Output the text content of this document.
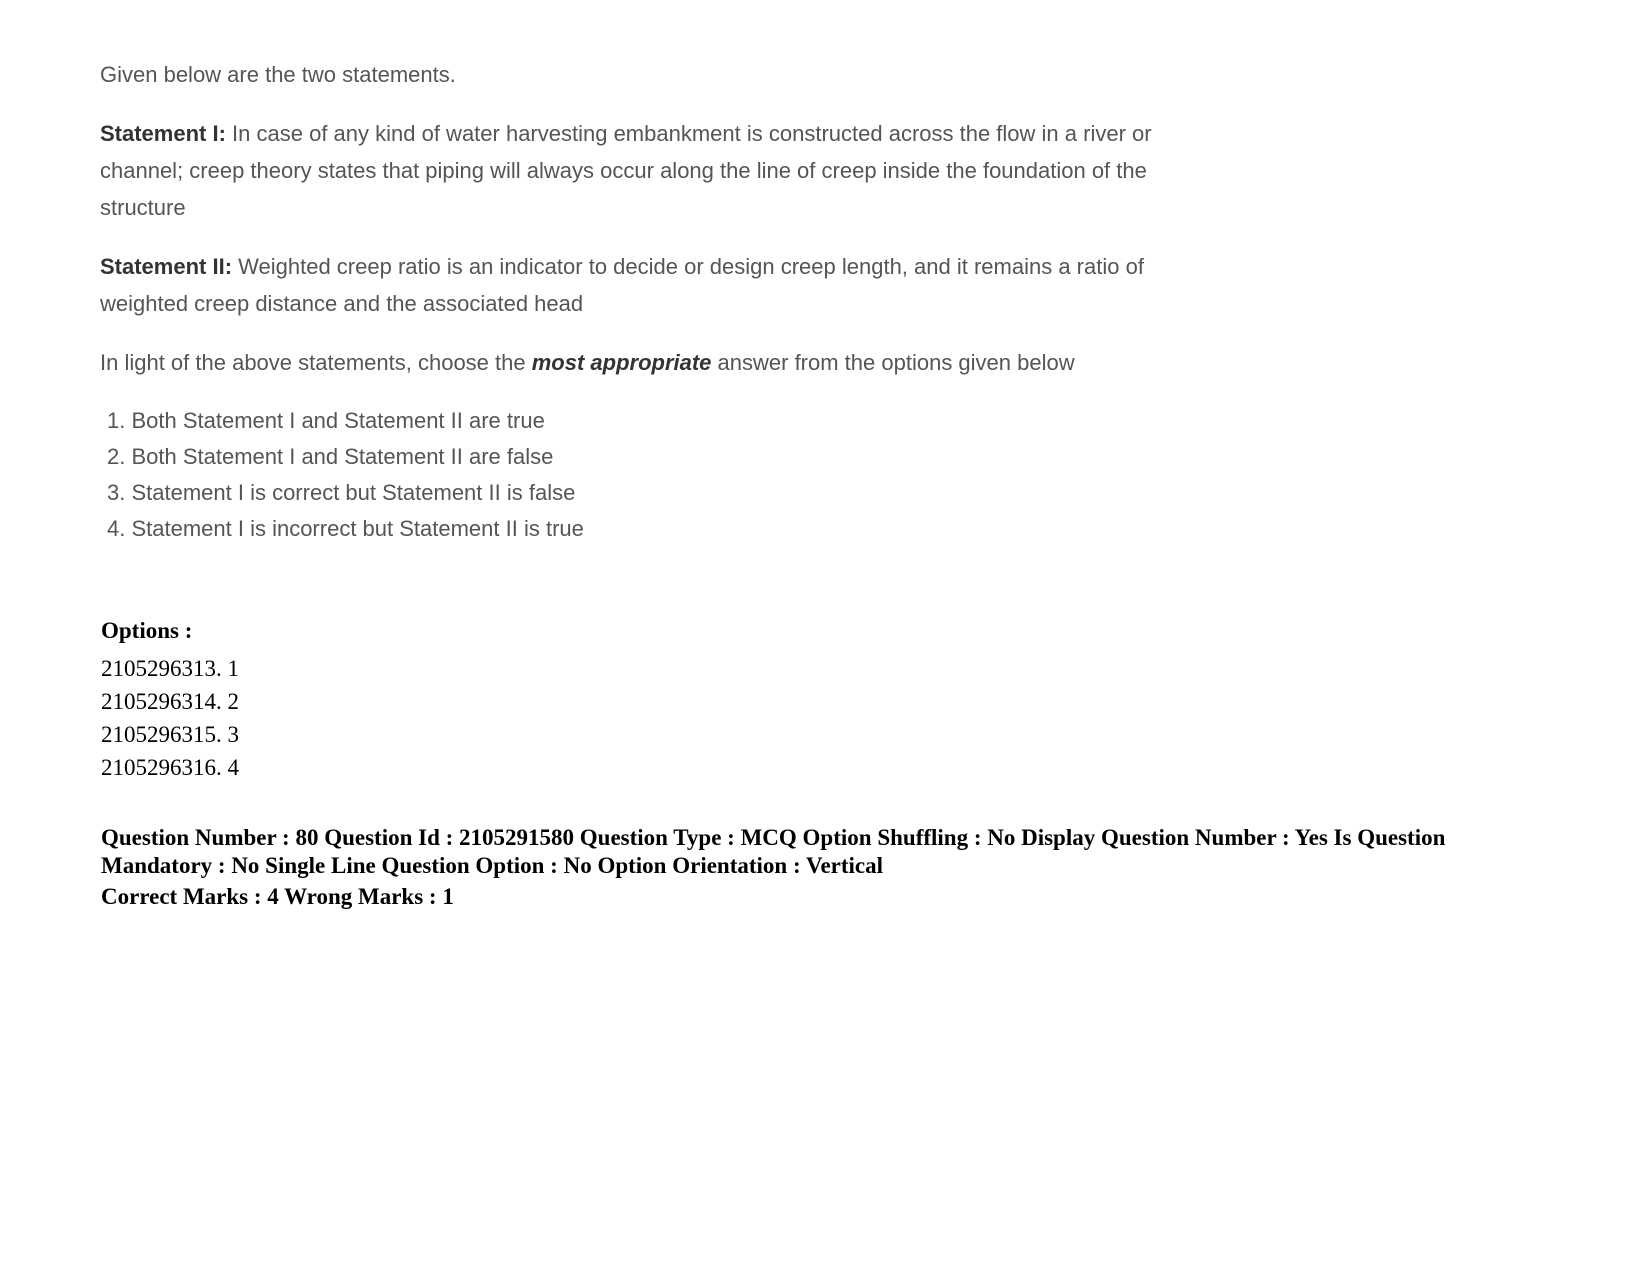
Given below are the two statements.

Statement I: In case of any kind of water harvesting embankment is constructed across the flow in a river or channel; creep theory states that piping will always occur along the line of creep inside the foundation of the structure

Statement II: Weighted creep ratio is an indicator to decide or design creep length, and it remains a ratio of weighted creep distance and the associated head

In light of the above statements, choose the most appropriate answer from the options given below

1. Both Statement I and Statement II are true
2. Both Statement I and Statement II are false
3. Statement I is correct but Statement II is false
4. Statement I is incorrect but Statement II is true
Options :
2105296313. 1
2105296314. 2
2105296315. 3
2105296316. 4
Question Number : 80 Question Id : 2105291580 Question Type : MCQ Option Shuffling : No Display Question Number : Yes Is Question Mandatory : No Single Line Question Option : No Option Orientation : Vertical
Correct Marks : 4 Wrong Marks : 1
